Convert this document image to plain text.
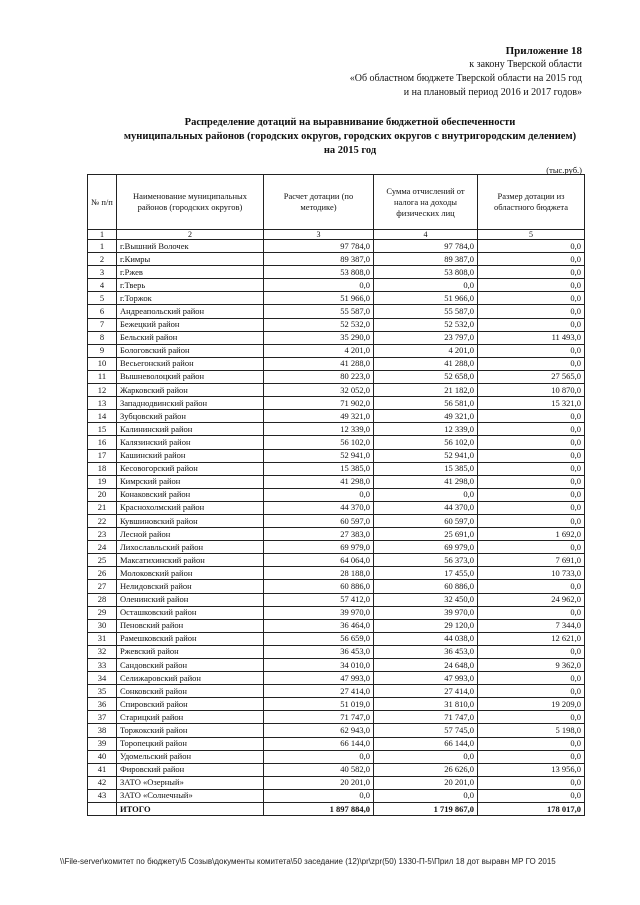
Приложение 18
к закону Тверской области
«Об областном бюджете Тверской области на 2015 год
и на плановый период 2016 и 2017 годов»
Распределение дотаций на выравнивание бюджетной обеспеченности
муниципальных районов (городских округов, городских округов с внутригородским делением)
на 2015 год
(тыс.руб.)
№ п/п	Наименование муниципальных районов (городских округов)	Расчет дотации (по методике)	Сумма отчислений от налога на доходы физических лиц	Размер дотации из областного бюджета
1	2	3	4	5
1	г.Вышний Волочек	97 784,0	97 784,0	0,0
2	г.Кимры	89 387,0	89 387,0	0,0
3	г.Ржев	53 808,0	53 808,0	0,0
4	г.Тверь	0,0	0,0	0,0
5	г.Торжок	51 966,0	51 966,0	0,0
6	Андреапольский район	55 587,0	55 587,0	0,0
7	Бежецкий район	52 532,0	52 532,0	0,0
8	Бельский район	35 290,0	23 797,0	11 493,0
9	Бологовский район	4 201,0	4 201,0	0,0
10	Весьегонский район	41 288,0	41 288,0	0,0
11	Вышневолоцкий район	80 223,0	52 658,0	27 565,0
12	Жарковский район	32 052,0	21 182,0	10 870,0
13	Западнодвинский район	71 902,0	56 581,0	15 321,0
14	Зубцовский район	49 321,0	49 321,0	0,0
15	Калининский район	12 339,0	12 339,0	0,0
16	Калязинский район	56 102,0	56 102,0	0,0
17	Кашинский район	52 941,0	52 941,0	0,0
18	Кесовогорский район	15 385,0	15 385,0	0,0
19	Кимрский район	41 298,0	41 298,0	0,0
20	Конаковский район	0,0	0,0	0,0
21	Краснохолмский район	44 370,0	44 370,0	0,0
22	Кувшиновский район	60 597,0	60 597,0	0,0
23	Лесной район	27 383,0	25 691,0	1 692,0
24	Лихославльский район	69 979,0	69 979,0	0,0
25	Максатихинский район	64 064,0	56 373,0	7 691,0
26	Молоковский район	28 188,0	17 455,0	10 733,0
27	Нелидовский район	60 886,0	60 886,0	0,0
28	Оленинский район	57 412,0	32 450,0	24 962,0
29	Осташковский район	39 970,0	39 970,0	0,0
30	Пеновский район	36 464,0	29 120,0	7 344,0
31	Рамешковский район	56 659,0	44 038,0	12 621,0
32	Ржевский район	36 453,0	36 453,0	0,0
33	Сандовский район	34 010,0	24 648,0	9 362,0
34	Селижаровский район	47 993,0	47 993,0	0,0
35	Сонковский район	27 414,0	27 414,0	0,0
36	Спировский район	51 019,0	31 810,0	19 209,0
37	Старицкий район	71 747,0	71 747,0	0,0
38	Торжокский район	62 943,0	57 745,0	5 198,0
39	Торопецкий район	66 144,0	66 144,0	0,0
40	Удомельский район	0,0	0,0	0,0
41	Фировский район	40 582,0	26 626,0	13 956,0
42	ЗАТО «Озерный»	20 201,0	20 201,0	0,0
43	ЗАТО «Солнечный»	0,0	0,0	0,0
	ИТОГО	1 897 884,0	1 719 867,0	178 017,0
\\File-server\комитет по бюджету\5 Созыв\документы комитета\50 заседание (12)\pr\zpr(50) 1330-П-5\Прил 18 дот выравн МР ГО 2015
